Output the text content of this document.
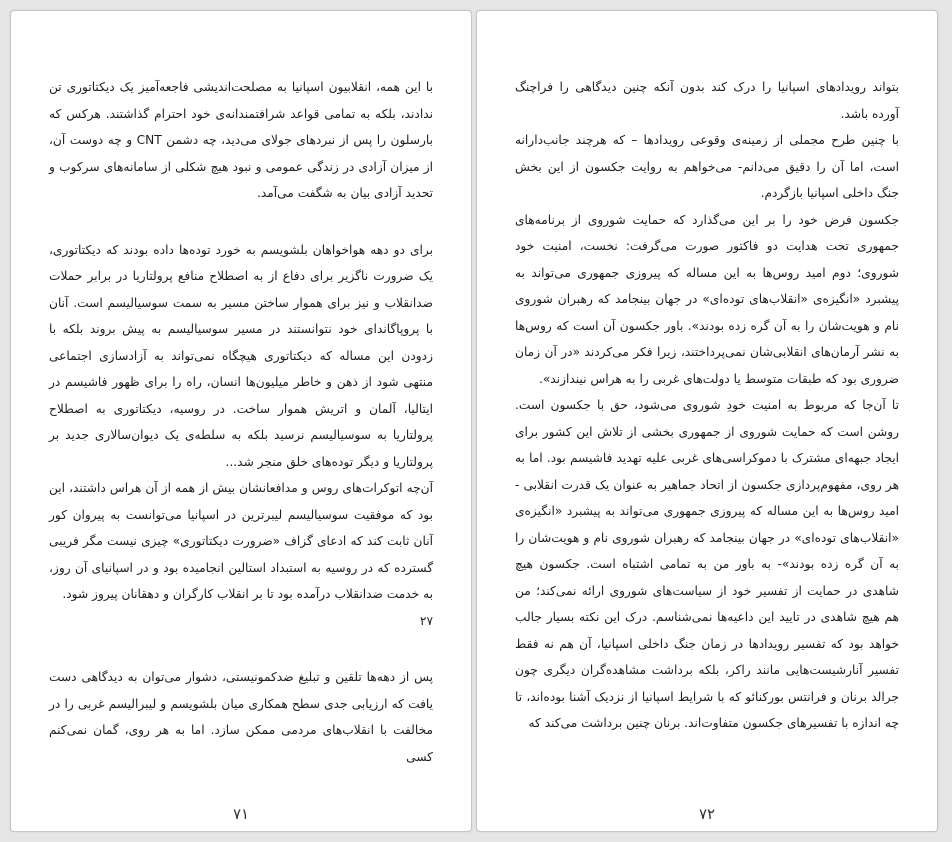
با این همه، انقلابیون اسپانیا به مصلحت‌اندیشی فاجعه‌آمیز یک دیکتاتوری تن ندادند، بلکه به تمامی قواعد شرافتمندانه‌ی خود احترام گذاشتند. هرکس که بارسلون را پس از نبردهای جولای می‌دید، چه دشمن CNT و چه دوست آن، از میزان آزادی در زندگی عمومی و نبود هیچ شکلی از سامانه‌های سرکوب و تحدید آزادی بیان به شگفت می‌آمد.

برای دو دهه هواخواهان بلشویسم به خورد توده‌ها داده بودند که دیکتاتوری، یک ضرورت ناگزیر برای دفاع از به اصطلاح منافع پرولتاریا در برابر حملات ضدانقلاب و نیز برای هموار ساختن مسیر به سمت سوسیالیسم است. آنان با پروپاگاندای خود نتوانستند در مسیر سوسیالیسم به پیش بروند بلکه با زدودن این مساله که دیکتاتوری هیچگاه نمی‌تواند به آزادسازی اجتماعی منتهی شود از ذهن و خاطر میلیون‌ها انسان، راه را برای ظهور فاشیسم در ایتالیا، آلمان و اتریش هموار ساخت. در روسیه، دیکتاتوری به اصطلاح پرولتاریا به سوسیالیسم نرسید بلکه به سلطه‌ی یک دیوان‌سالاری جدید بر پرولتاریا و دیگر توده‌های خلق منجر شد...

آن‌چه اتوکرات‌های روس و مدافعانشان بیش از همه از آن هراس داشتند، این بود که موفقیت سوسیالیسم لیبرترین در اسپانیا می‌توانست به پیروان کور آنان ثابت کند که ادعای گزاف «ضرورت دیکتاتوری» چیزی نیست مگر فریبی گسترده که در روسیه به استبداد استالین انجامیده بود و در اسپانیای آن روز، به خدمت ضدانقلاب درآمده بود تا بر انقلاب کارگران و دهقانان پیروز شود.

۲۷

پس از دهه‌ها تلقین و تبلیغ ضدکمونیستی، دشوار می‌توان به دیدگاهی دست یافت که ارزیابی جدی سطح همکاری میان بلشویسم و لیبرالیسم غربی را در مخالفت با انقلاب‌های مردمی ممکن سازد. اما به هر روی، گمان نمی‌کنم کسی

۷۱

بتواند رویدادهای اسپانیا را درک کند بدون آنکه چنین دیدگاهی را فراچنگ آورده باشد.

با چنین طرح مجملی از زمینه‌ی وقوعی رویدادها – که هرچند جانب‌دارانه است، اما آن را دقیق می‌دانم- می‌خواهم به روایت جکسون از این بخش جنگ داخلی اسپانیا بازگردم.

جکسون فرض خود را بر این می‌گذارد که حمایت شوروی از برنامه‌های جمهوری تحت هدایت دو فاکتور صورت می‌گرفت: نخست، امنیت خود شوروی؛ دوم امید روس‌ها به این مساله که پیروزی جمهوری می‌تواند به پیشبرد «انگیزه‌ی «انقلاب‌های توده‌ای» در جهان بینجامد که رهبران شوروی نام و هویت‌شان را به آن گره زده بودند». باور جکسون آن است که روس‌ها به نشر آرمان‌های انقلابی‌شان نمی‌پرداختند، زیرا فکر می‌کردند «در آن زمان ضروری بود که طبقات متوسط یا دولت‌های غربی را به هراس نیندازند».

تا آن‌جا که مربوط به امنیت خودِ شوروی می‌شود، حق با جکسون است. روشن است که حمایت شوروی از جمهوری بخشی از تلاش این کشور برای ایجاد جبهه‌ای مشترک با دموکراسی‌های غربی علیه تهدید فاشیسم بود. اما به هر روی، مفهوم‌پردازی جکسون از اتحاد جماهیر به عنوان یک قدرت انقلابی - امید روس‌ها به این مساله که پیروزی جمهوری می‌تواند به پیشبرد «انگیزه‌ی «انقلاب‌های توده‌ای» در جهان بینجامد که رهبران شوروی نام و هویت‌شان را به آن گره زده بودند»- به باور من به تمامی اشتباه است. جکسون هیچ شاهدی در حمایت از تفسیر خود از سیاست‌های شوروی ارائه نمی‌کند؛ من هم هیچ شاهدی در تایید این داعیه‌ها نمی‌شناسم. درک این نکته بسیار جالب خواهد بود که تفسیر رویدادها در زمان جنگ داخلی اسپانیا، آن هم نه فقط تفسیر آنارشیست‌هایی مانند راکر، بلکه برداشت مشاهده‌گران دیگری چون جرالد برنان و فرانتس بورکنائو که با شرایط اسپانیا از نزدیک آشنا بوده‌اند، تا چه اندازه با تفسیرهای جکسون متفاوت‌اند. برنان چنین برداشت می‌کند که

۷۲
